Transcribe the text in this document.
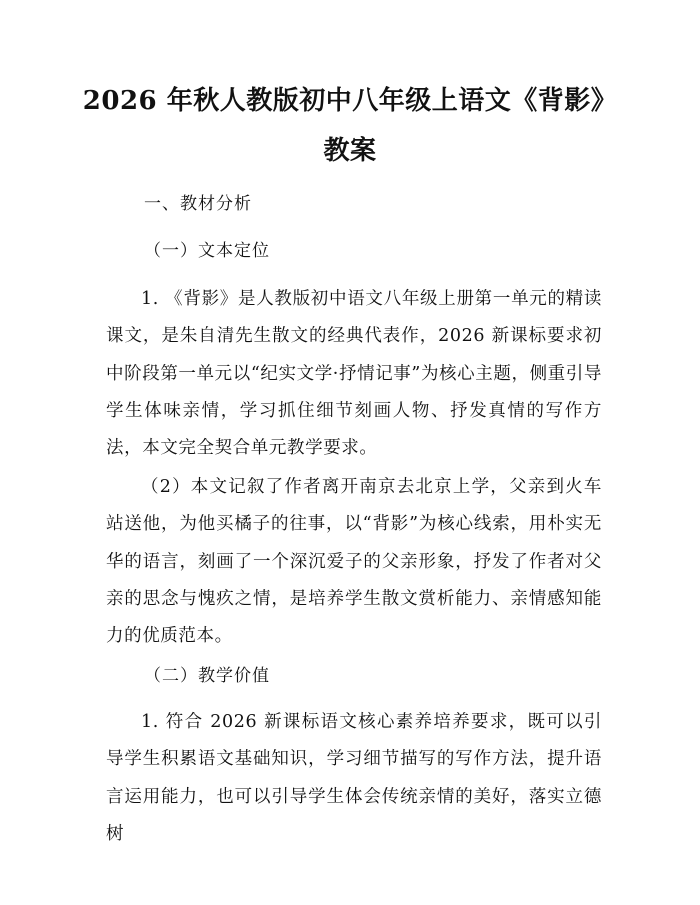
2026 年秋人教版初中八年级上语文《背影》
教案
一、教材分析
（一）文本定位

1. 《背影》是人教版初中语文八年级上册第一单元的精读课文，是朱自清先生散文的经典代表作，2026 新课标要求初中阶段第一单元以“纪实文学·抒情记事”为核心主题，侧重引导学生体味亲情，学习抓住细节刻画人物、抒发真情的写作方法，本文完全契合单元教学要求。

（2）本文记叙了作者离开南京去北京上学，父亲到火车站送他，为他买橘子的往事，以“背影”为核心线索，用朴实无华的语言，刻画了一个深沉爱子的父亲形象，抒发了作者对父亲的思念与愧疚之情，是培养学生散文赏析能力、亲情感知能力的优质范本。

（二）教学价值

1. 符合 2026 新课标语文核心素养培养要求，既可以引导学生积累语文基础知识，学习细节描写的写作方法，提升语言运用能力，也可以引导学生体会传统亲情的美好，落实立德树
